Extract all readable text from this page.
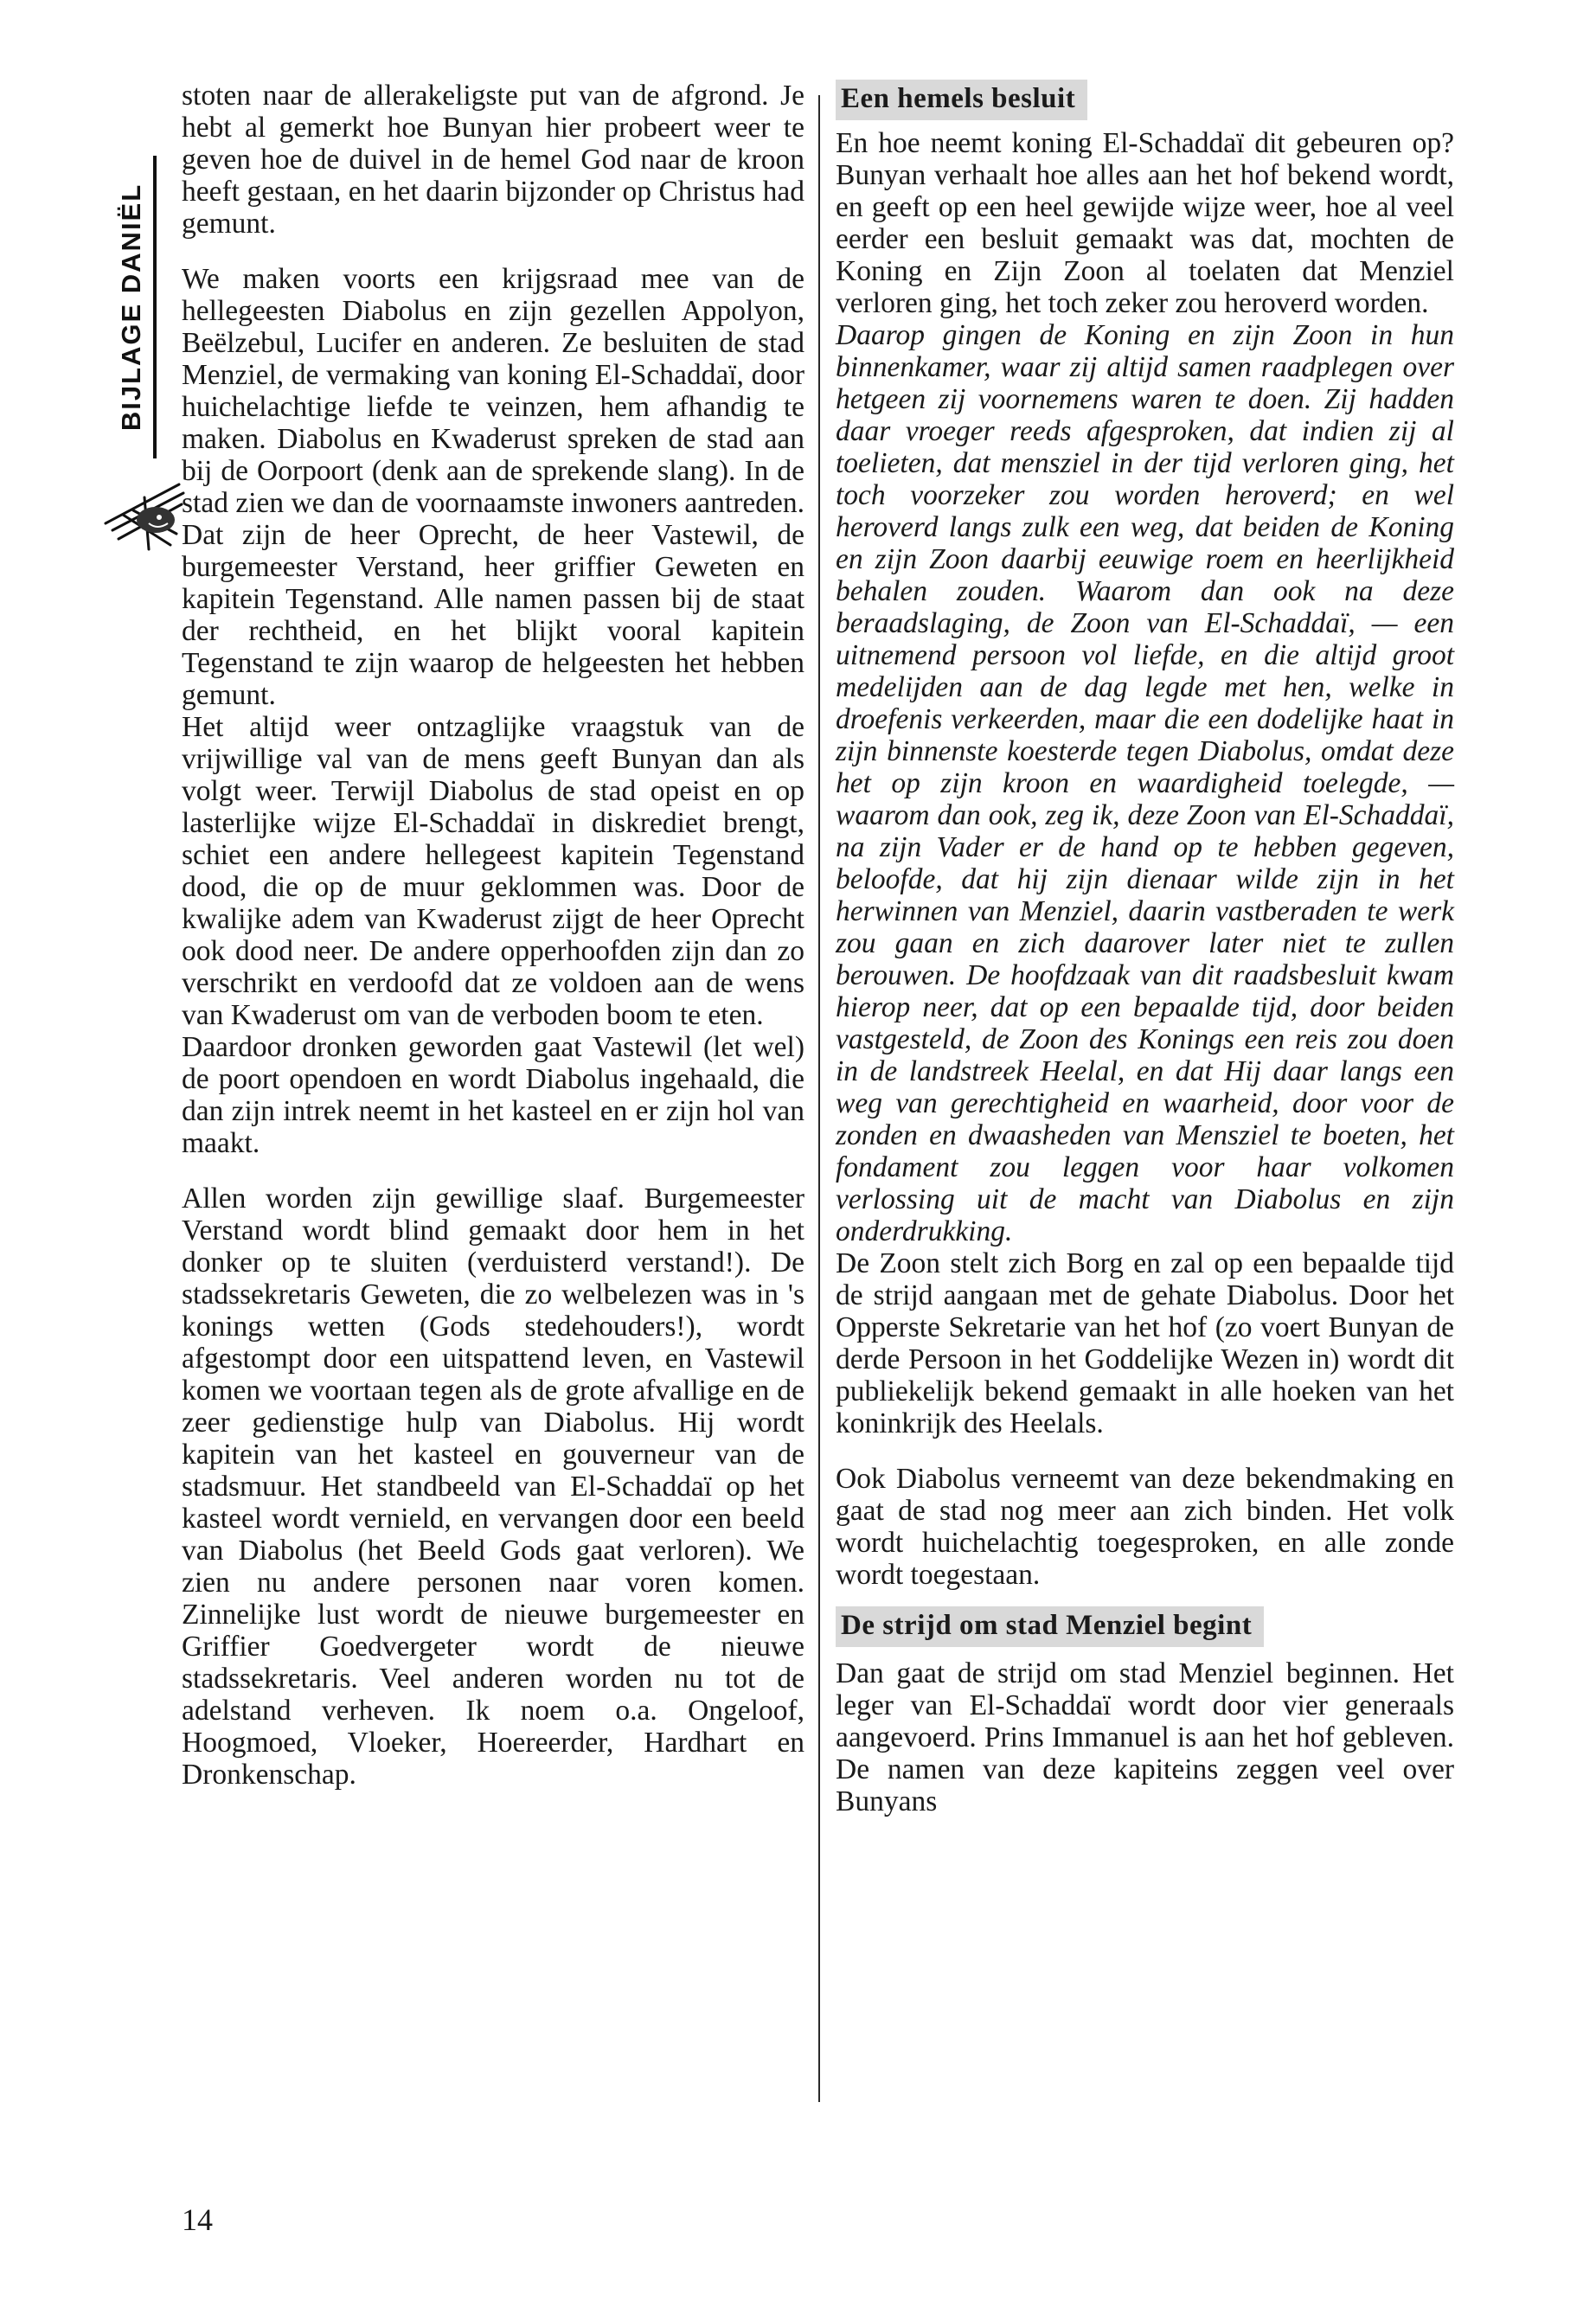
BIJLAGE DANIËL

stoten naar de allerakeligste put van de afgrond. Je hebt al gemerkt hoe Bunyan hier probeert weer te geven hoe de duivel in de hemel God naar de kroon heeft gestaan, en het daarin bijzonder op Christus had gemunt.

We maken voorts een krijgsraad mee van de hellegeesten Diabolus en zijn gezellen Appolyon, Beëlzebul, Lucifer en anderen. Ze besluiten de stad Menziel, de vermaking van koning El-Schaddaï, door huichelachtige liefde te veinzen, hem afhandig te maken. Diabolus en Kwaderust spreken de stad aan bij de Oorpoort (denk aan de sprekende slang). In de stad zien we dan de voornaamste inwoners aantreden. Dat zijn de heer Oprecht, de heer Vastewil, de burgemeester Verstand, heer griffier Geweten en kapitein Tegenstand. Alle namen passen bij de staat der rechtheid, en het blijkt vooral kapitein Tegenstand te zijn waarop de helgeesten het hebben gemunt.

Het altijd weer ontzaglijke vraagstuk van de vrijwillige val van de mens geeft Bunyan dan als volgt weer. Terwijl Diabolus de stad opeist en op lasterlijke wijze El-Schaddaï in diskrediet brengt, schiet een andere hellegeest kapitein Tegenstand dood, die op de muur geklommen was. Door de kwalijke adem van Kwaderust zijgt de heer Oprecht ook dood neer. De andere opperhoofden zijn dan zo verschrikt en verdoofd dat ze voldoen aan de wens van Kwaderust om van de verboden boom te eten.

Daardoor dronken geworden gaat Vastewil (let wel) de poort opendoen en wordt Diabolus ingehaald, die dan zijn intrek neemt in het kasteel en er zijn hol van maakt.

Allen worden zijn gewillige slaaf. Burgemeester Verstand wordt blind gemaakt door hem in het donker op te sluiten (verduisterd verstand!). De stadssekretaris Geweten, die zo welbelezen was in 's konings wetten (Gods stedehouders!), wordt afgestompt door een uitspattend leven, en Vastewil komen we voortaan tegen als de grote afvallige en de zeer gedienstige hulp van Diabolus. Hij wordt kapitein van het kasteel en gouverneur van de stadsmuur. Het standbeeld van El-Schaddaï op het kasteel wordt vernield, en vervangen door een beeld van Diabolus (het Beeld Gods gaat verloren). We zien nu andere personen naar voren komen. Zinnelijke lust wordt de nieuwe burgemeester en Griffier Goedvergeter wordt de nieuwe stadssekretaris. Veel anderen worden nu tot de adelstand verheven. Ik noem o.a. Ongeloof, Hoogmoed, Vloeker, Hoereerder, Hardhart en Dronkenschap.

Een hemels besluit

En hoe neemt koning El-Schaddaï dit gebeuren op? Bunyan verhaalt hoe alles aan het hof bekend wordt, en geeft op een heel gewijde wijze weer, hoe al veel eerder een besluit gemaakt was dat, mochten de Koning en Zijn Zoon al toelaten dat Menziel verloren ging, het toch zeker zou heroverd worden.

Daarop gingen de Koning en zijn Zoon in hun binnenkamer, waar zij altijd samen raadplegen over hetgeen zij voornemens waren te doen. Zij hadden daar vroeger reeds afgesproken, dat indien zij al toelieten, dat mensziel in der tijd verloren ging, het toch voorzeker zou worden heroverd; en wel heroverd langs zulk een weg, dat beiden de Koning en zijn Zoon daarbij eeuwige roem en heerlijkheid behalen zouden. Waarom dan ook na deze beraadslaging, de Zoon van El-Schaddaï, — een uitnemend persoon vol liefde, en die altijd groot medelijden aan de dag legde met hen, welke in droefenis verkeerden, maar die een dodelijke haat in zijn binnenste koesterde tegen Diabolus, omdat deze het op zijn kroon en waardigheid toelegde, — waarom dan ook, zeg ik, deze Zoon van El-Schaddaï, na zijn Vader er de hand op te hebben gegeven, beloofde, dat hij zijn dienaar wilde zijn in het herwinnen van Menziel, daarin vastberaden te werk zou gaan en zich daarover later niet te zullen berouwen. De hoofdzaak van dit raadsbesluit kwam hierop neer, dat op een bepaalde tijd, door beiden vastgesteld, de Zoon des Konings een reis zou doen in de landstreek Heelal, en dat Hij daar langs een weg van gerechtigheid en waarheid, door voor de zonden en dwaasheden van Mensziel te boeten, het fondament zou leggen voor haar volkomen verlossing uit de macht van Diabolus en zijn onderdrukking.

De Zoon stelt zich Borg en zal op een bepaalde tijd de strijd aangaan met de gehate Diabolus. Door het Opperste Sekretarie van het hof (zo voert Bunyan de derde Persoon in het Goddelijke Wezen in) wordt dit publiekelijk bekend gemaakt in alle hoeken van het koninkrijk des Heelals.

Ook Diabolus verneemt van deze bekendmaking en gaat de stad nog meer aan zich binden. Het volk wordt huichelachtig toegesproken, en alle zonde wordt toegestaan.

De strijd om stad Menziel begint

Dan gaat de strijd om stad Menziel beginnen. Het leger van El-Schaddaï wordt door vier generaals aangevoerd. Prins Immanuel is aan het hof gebleven. De namen van deze kapiteins zeggen veel over Bunyans

14
